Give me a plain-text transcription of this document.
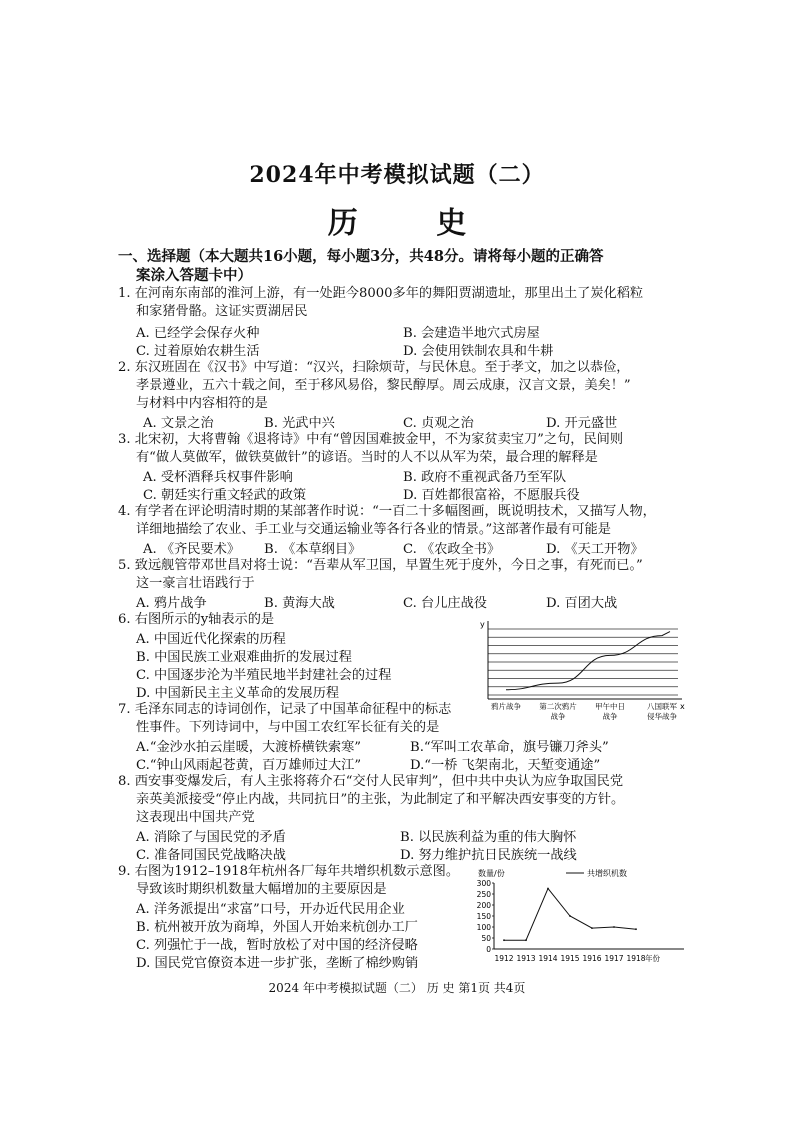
2024年中考模拟试题（二）
历 史
一、选择题（本大题共16小题，每小题3分，共48分。请将每小题的正确答
案涂入答题卡中）
1. 在河南东南部的淮河上游，有一处距今8000多年的舞阳贾湖遗址，那里出土了炭化稻粒
和家猪骨骼。这证实贾湖居民
A. 已经学会保存火种	B. 会建造半地穴式房屋
C. 过着原始农耕生活	D. 会使用铁制农具和牛耕
2. 东汉班固在《汉书》中写道：“汉兴，扫除烦苛，与民休息。至于孝文，加之以恭俭，
孝景遵业，五六十载之间，至于移风易俗，黎民醇厚。周云成康，汉言文景，美矣！”
与材料中内容相符的是
A. 文景之治	B. 光武中兴	C. 贞观之治	D. 开元盛世
3. 北宋初，大将曹翰《退将诗》中有“曾因国难披金甲，不为家贫卖宝刀”之句，民间则
有“做人莫做军，做铁莫做针”的谚语。当时的人不以从军为荣，最合理的解释是
A. 受杯酒释兵权事件影响	B. 政府不重视武备乃至军队
C. 朝廷实行重文轻武的政策	D. 百姓都很富裕，不愿服兵役
4. 有学者在评论明清时期的某部著作时说：“一百二十多幅图画，既说明技术，又描写人物，
详细地描绘了农业、手工业与交通运输业等各行各业的情景。”这部著作最有可能是
A. 《齐民要术》 B. 《本草纲目》	C. 《农政全书》	D. 《天工开物》
5. 致远舰管带邓世昌对将士说：“吾辈从军卫国，早置生死于度外，今日之事，有死而已。”
这一豪言壮语践行于
A. 鸦片战争	B. 黄海大战	C. 台儿庄战役	D. 百团大战
6. 右图所示的y轴表示的是
A. 中国近代化探索的历程
B. 中国民族工业艰难曲折的发展过程
C. 中国逐步沦为半殖民地半封建社会的过程
D. 中国新民主主义革命的发展历程
y
x
鸦片战争 第二次鸦片
战争
甲午中日
战争
八国联军
侵华战争
7. 毛泽东同志的诗词创作，记录了中国革命征程中的标志
性事件。下列诗词中，与中国工农红军长征有关的是
A.“金沙水拍云崖暖，大渡桥横铁索寒”	B.“军叫工农革命，旗号镰刀斧头”
C.“钟山风雨起苍黄，百万雄师过大江”	D.“一桥 飞架南北，天堑变通途”
8. 西安事变爆发后，有人主张将蒋介石“交付人民审判”，但中共中央认为应争取国民党
亲英美派接受“停止内战，共同抗日”的主张，为此制定了和平解决西安事变的方针。
这表现出中国共产党
A. 消除了与国民党的矛盾	B. 以民族利益为重的伟大胸怀
C. 准备同国民党战略决战	D. 努力维护抗日民族统一战线
9. 右图为1912–1918年杭州各厂每年共增织机数示意图。
导致该时期织机数量大幅增加的主要原因是
A. 洋务派提出“求富”口号，开办近代民用企业
B. 杭州被开放为商埠，外国人开始来杭创办工厂
C. 列强忙于一战，暂时放松了对中国的经济侵略
D. 国民党官僚资本进一步扩张，垄断了棉纱购销
数量/份	共增织机数
0
50
100
150
200
250
300
1912 1913 1914 1915 1916 1917 1918 年份
2024 年中考模拟试题（二） 历 史 第1页 共4页
